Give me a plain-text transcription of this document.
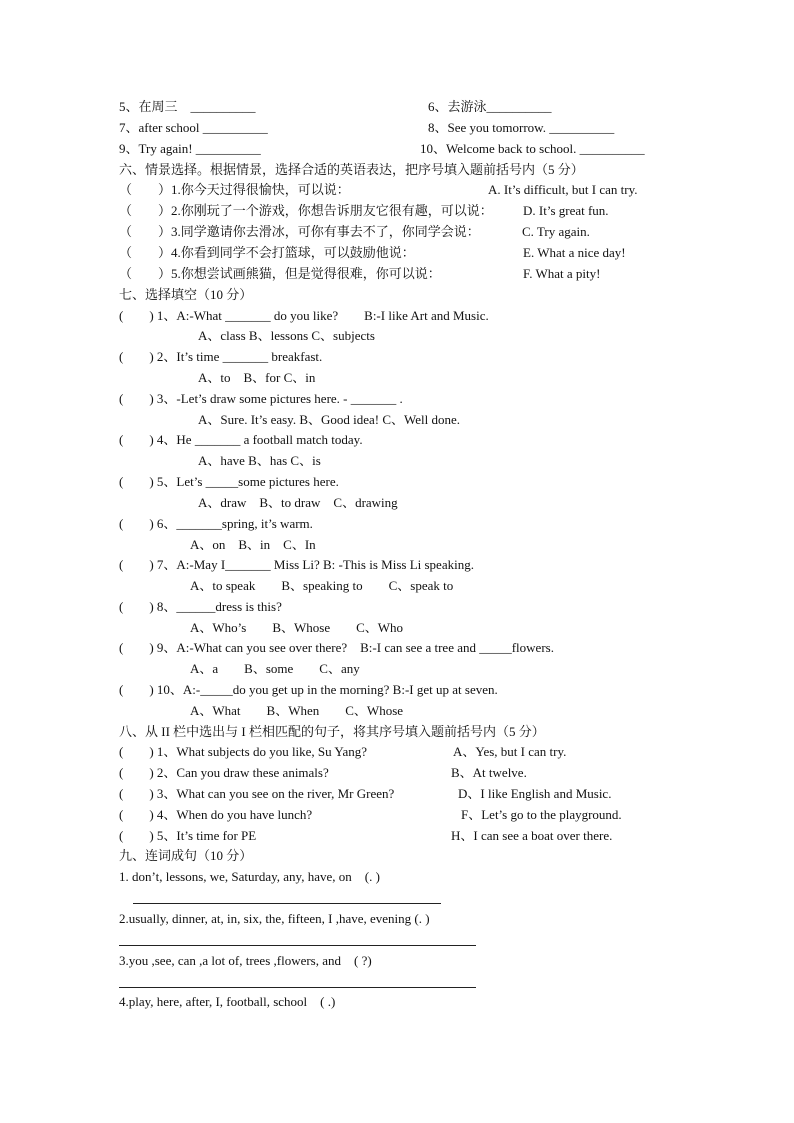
5、在周三　__________	6、去游泳__________
7、after school __________	8、See you tomorrow. __________
9、Try again! __________	10、Welcome back to school. __________
六、情景选择。根据情景，选择合适的英语表达，把序号填入题前括号内（5 分）
（　　）1.你今天过得很愉快，可以说：	A. It’s difficult, but I can try.
（　　）2.你刚玩了一个游戏，你想告诉朋友它很有趣，可以说： D. It’s great fun.
（　　）3.同学邀请你去滑冰，可你有事去不了，你同学会说：	C. Try again.
（　　）4.你看到同学不会打篮球，可以鼓励他说：	E. What a nice day!
（　　）5.你想尝试画熊猫，但是觉得很难，你可以说：	F. What a pity!
七、选择填空（10 分）
(　　) 1、A:-What _______ do you like?　　B:-I like Art and Music.
A、class B、lessons C、subjects
(　　) 2、It’s time _______ breakfast.
A、to　B、for C、in
(　　) 3、-Let’s draw some pictures here. - _______ .
A、Sure. It’s easy. B、Good idea! C、Well done.
(　　) 4、He _______ a football match today.
A、have B、has C、is
(　　) 5、Let’s _____some pictures here.
A、draw　B、to draw　C、drawing
(　　) 6、_______spring, it’s warm.
A、on　B、in　C、In
(　　) 7、A:-May I_______ Miss Li? B: -This is Miss Li speaking.
A、to speak　　B、speaking to　　C、speak to
(　　) 8、______dress is this?
A、Who’s　　B、Whose　　C、Who
(　　) 9、A:-What can you see over there?　B:-I can see a tree and _____flowers.
A、a　　B、some　　C、any
(　　) 10、A:-_____do you get up in the morning? B:-I get up at seven.
A、What　　B、When　　C、Whose
八、从 II 栏中选出与 I 栏相匹配的句子，将其序号填入题前括号内（5 分）
(　　) 1、What subjects do you like, Su Yang?	A、Yes, but I can try.
(　　) 2、Can you draw these animals?	B、At twelve.
(　　) 3、What can you see on the river, Mr Green?	D、I like English and Music.
(　　) 4、When do you have lunch?	F、Let’s go to the playground.
(　　) 5、It’s time for PE	H、I can see a boat over there.
九、连词成句（10 分）
1. don’t, lessons, we, Saturday, any, have, on　(. )
2.usually, dinner, at, in, six, the, fifteen, I ,have, evening (. )
3.you ,see, can ,a lot of, trees ,flowers, and　( ?)
4.play, here, after, I, football, school　( .)
